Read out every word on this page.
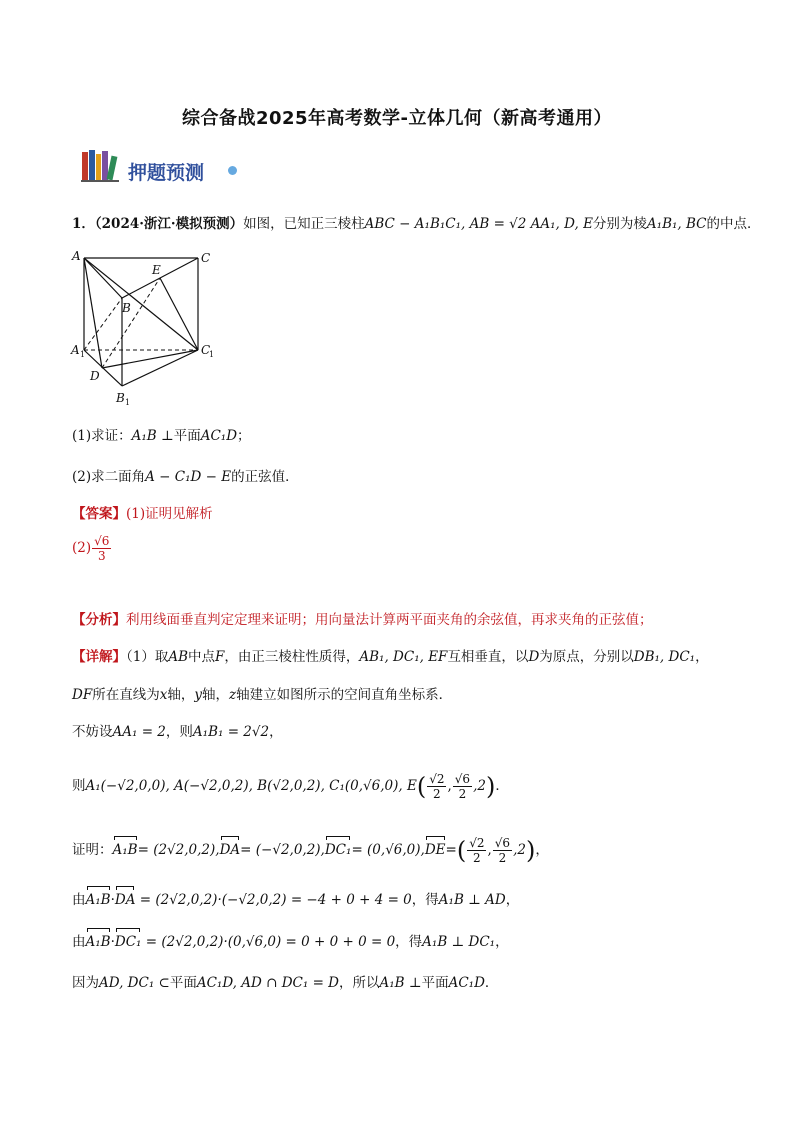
综合备战2025年高考数学-立体几何（新高考通用）
押题预测
1．（2024·浙江·模拟预测）如图，已知正三棱柱ABC − A₁B₁C₁, AB = √2 AA₁, D, E分别为棱A₁B₁, BC的中点．
A	C
E
B
A 1	C
1
D
B 1
(1)求证：A₁B ⊥平面AC₁D；
(2)求二面角A − C₁D − E的正弦值．
【答案】(1)证明见解析
$(2) \frac{√6}{3}$
【分析】利用线面垂直判定定理来证明；用向量法计算两平面夹角的余弦值，再求夹角的正弦值；
【详解】（1）取AB中点F，由正三棱柱性质得，AB₁, DC₁, EF互相垂直，以D为原点，分别以DB₁, DC₁，
DF所在直线为x轴，y轴，z轴建立如图所示的空间直角坐标系．
不妨设AA₁ = 2，则A₁B₁ = 2√2，
则A₁(−√2,0,0), A(−√2,0,2), B(√2,0,2), C₁(0,√6,0), $E( \frac{√2}{2}$ , $\frac{√6}{2} ,2$)．
证明：$A_1B= (2√2,0,2),DA= (-√2,0,2),DC_1= (0,√6,0),DE=( \frac{√2}{2}$ , $\frac{√6}{2} ,2$)，
由A₁B·DA = (2√2,0,2)·(−√2,0,2) = −4 + 0 + 4 = 0，得A₁B ⊥ AD，
由A₁B·DC₁ = (2√2,0,2)·(0,√6,0) = 0 + 0 + 0 = 0，得A₁B ⊥ DC₁，
因为AD, DC₁ ⊂平面AC₁D, AD ∩ DC₁ = D，所以A₁B ⊥平面AC₁D．
